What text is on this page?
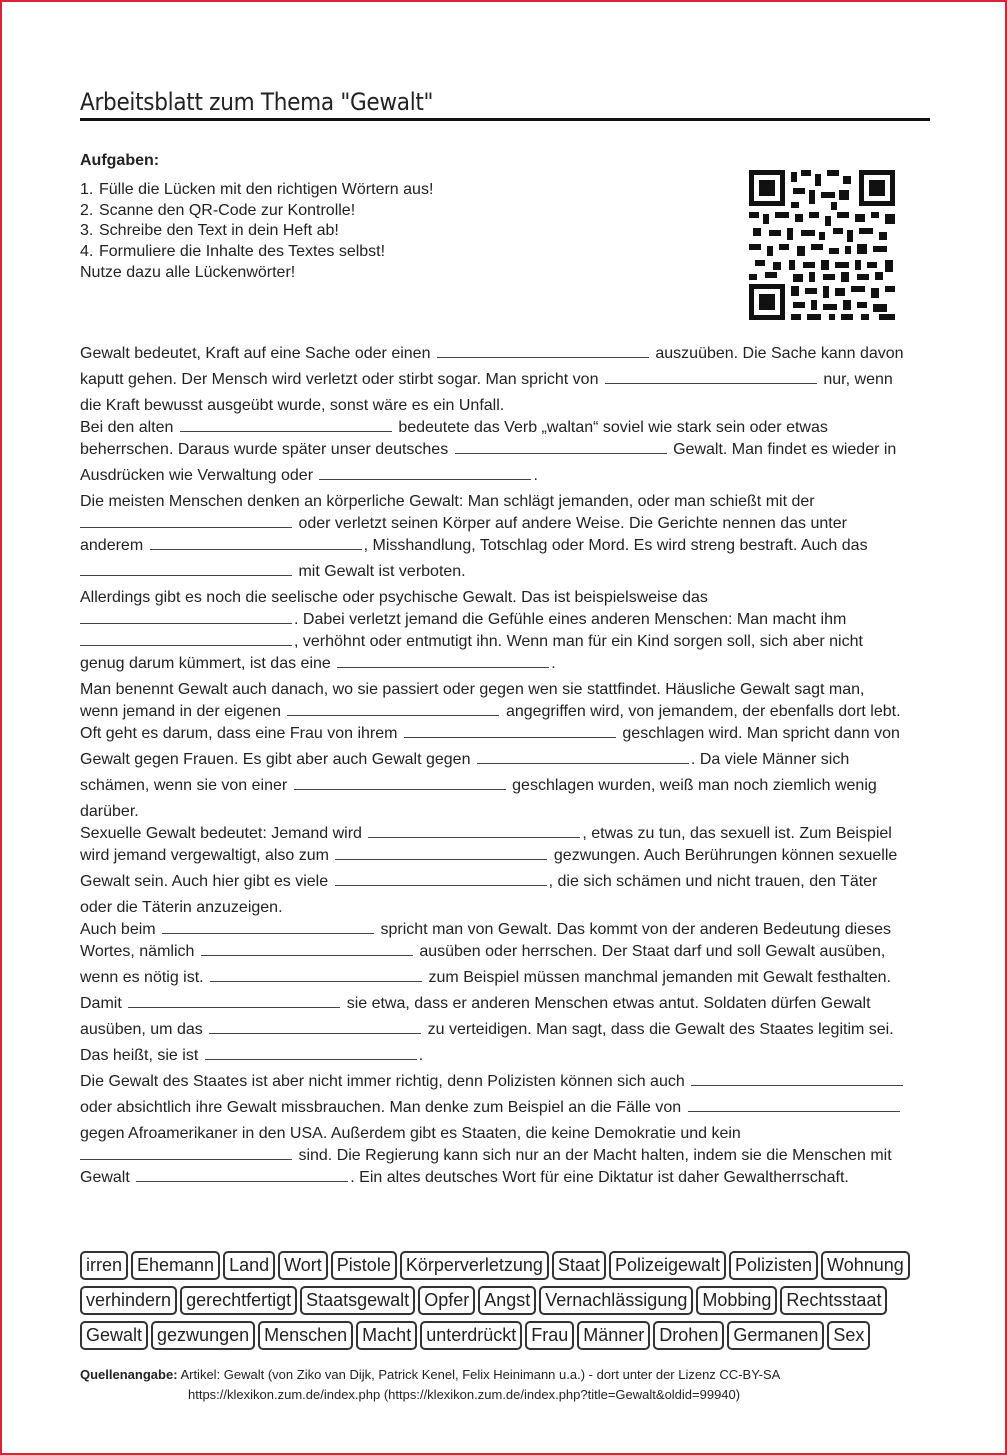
Arbeitsblatt zum Thema "Gewalt"
Aufgaben:
1. Fülle die Lücken mit den richtigen Wörtern aus!
2. Scanne den QR-Code zur Kontrolle!
3. Schreibe den Text in dein Heft ab!
4. Formuliere die Inhalte des Textes selbst!
Nutze dazu alle Lückenwörter!
Gewalt bedeutet, Kraft auf eine Sache oder einen	auszuüben. Die Sache kann davon
kaputt gehen. Der Mensch wird verletzt oder stirbt sogar. Man spricht von	nur, wenn
die Kraft bewusst ausgeübt wurde, sonst wäre es ein Unfall.
Bei den alten	bedeutete das Verb „waltan“ soviel wie stark sein oder etwas
beherrschen. Daraus wurde später unser deutsches	Gewalt. Man findet es wieder in
Ausdrücken wie Verwaltung oder	.
Die meisten Menschen denken an körperliche Gewalt: Man schlägt jemanden, oder man schießt mit der
oder verletzt seinen Körper auf andere Weise. Die Gerichte nennen das unter
anderem	, Misshandlung, Totschlag oder Mord. Es wird streng bestraft. Auch das
mit Gewalt ist verboten.
Allerdings gibt es noch die seelische oder psychische Gewalt. Das ist beispielsweise das
. Dabei verletzt jemand die Gefühle eines anderen Menschen: Man macht ihm
, verhöhnt oder entmutigt ihn. Wenn man für ein Kind sorgen soll, sich aber nicht
genug darum kümmert, ist das eine	.
Man benennt Gewalt auch danach, wo sie passiert oder gegen wen sie stattfindet. Häusliche Gewalt sagt man,
wenn jemand in der eigenen	angegriffen wird, von jemandem, der ebenfalls dort lebt.
Oft geht es darum, dass eine Frau von ihrem	geschlagen wird. Man spricht dann von
Gewalt gegen Frauen. Es gibt aber auch Gewalt gegen	. Da viele Männer sich
schämen, wenn sie von einer	geschlagen wurden, weiß man noch ziemlich wenig
darüber.
Sexuelle Gewalt bedeutet: Jemand wird	, etwas zu tun, das sexuell ist. Zum Beispiel
wird jemand vergewaltigt, also zum	gezwungen. Auch Berührungen können sexuelle
Gewalt sein. Auch hier gibt es viele	, die sich schämen und nicht trauen, den Täter
oder die Täterin anzuzeigen.
Auch beim	spricht man von Gewalt. Das kommt von der anderen Bedeutung dieses
Wortes, nämlich	ausüben oder herrschen. Der Staat darf und soll Gewalt ausüben,
wenn es nötig ist.	zum Beispiel müssen manchmal jemanden mit Gewalt festhalten.
Damit	sie etwa, dass er anderen Menschen etwas antut. Soldaten dürfen Gewalt
ausüben, um das	zu verteidigen. Man sagt, dass die Gewalt des Staates legitim sei.
Das heißt, sie ist	.
Die Gewalt des Staates ist aber nicht immer richtig, denn Polizisten können sich auch
oder absichtlich ihre Gewalt missbrauchen. Man denke zum Beispiel an die Fälle von
gegen Afroamerikaner in den USA. Außerdem gibt es Staaten, die keine Demokratie und kein
sind. Die Regierung kann sich nur an der Macht halten, indem sie die Menschen mit
Gewalt	. Ein altes deutsches Wort für eine Diktatur ist daher Gewaltherrschaft.
irren Ehemann Land Wort Pistole Körperverletzung Staat Polizeigewalt Polizisten Wohnung
verhindern gerechtfertigt Staatsgewalt Opfer Angst Vernachlässigung Mobbing Rechtsstaat
Gewalt gezwungen Menschen Macht unterdrückt Frau Männer Drohen Germanen Sex
Quellenangabe: Artikel: Gewalt (von Ziko van Dijk, Patrick Kenel, Felix Heinimann u.a.) - dort unter der Lizenz CC-BY-SA
https://klexikon.zum.de/index.php (https://klexikon.zum.de/index.php?title=Gewalt&oldid=99940)
